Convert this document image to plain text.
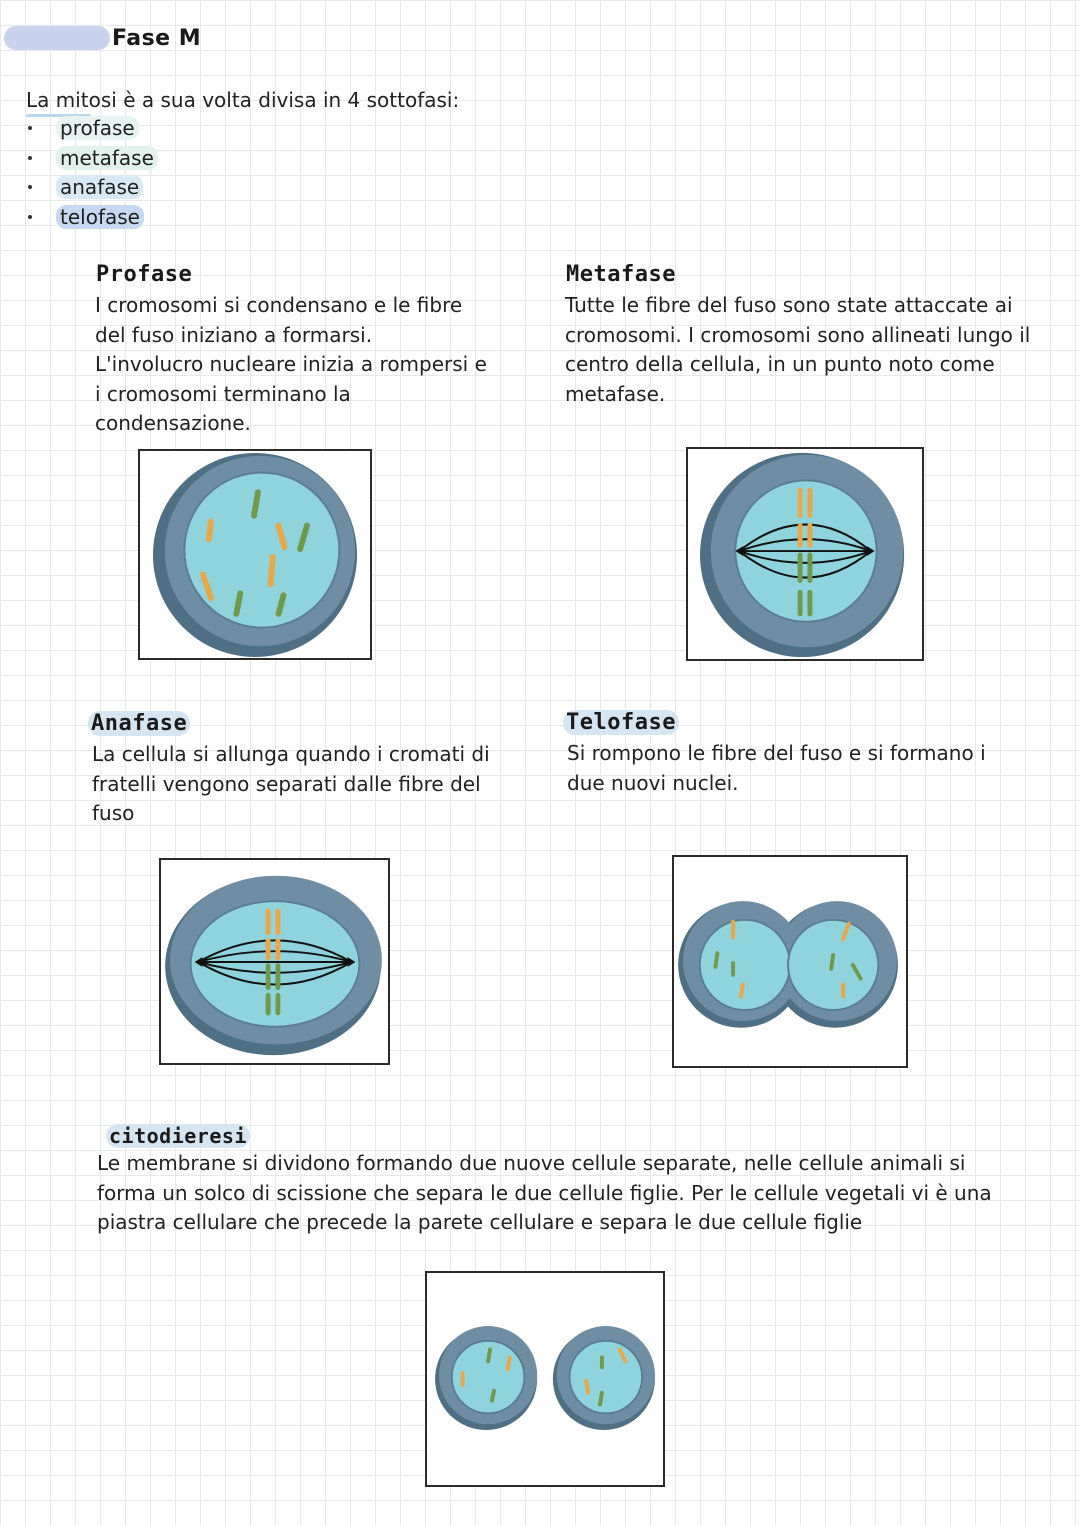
Fase M
La mitosi è a sua volta divisa in 4 sottofasi:
profase
metafase
anafase
telofase
Profase
I cromosomi si condensano e le fibre
del fuso iniziano a formarsi.
L'involucro nucleare inizia a rompersi e
i cromosomi terminano la
condensazione.
Metafase
Tutte le fibre del fuso sono state attaccate ai
cromosomi. I cromosomi sono allineati lungo il
centro della cellula, in un punto noto come
metafase.
Anafase
La cellula si allunga quando i cromati di
fratelli vengono separati dalle fibre del
fuso
Telofase
Si rompono le fibre del fuso e si formano i
due nuovi nuclei.
citodieresi
Le membrane si dividono formando due nuove cellule separate, nelle cellule animali si
forma un solco di scissione che separa le due cellule figlie. Per le cellule vegetali vi è una
piastra cellulare che precede la parete cellulare e separa le due cellule figlie
